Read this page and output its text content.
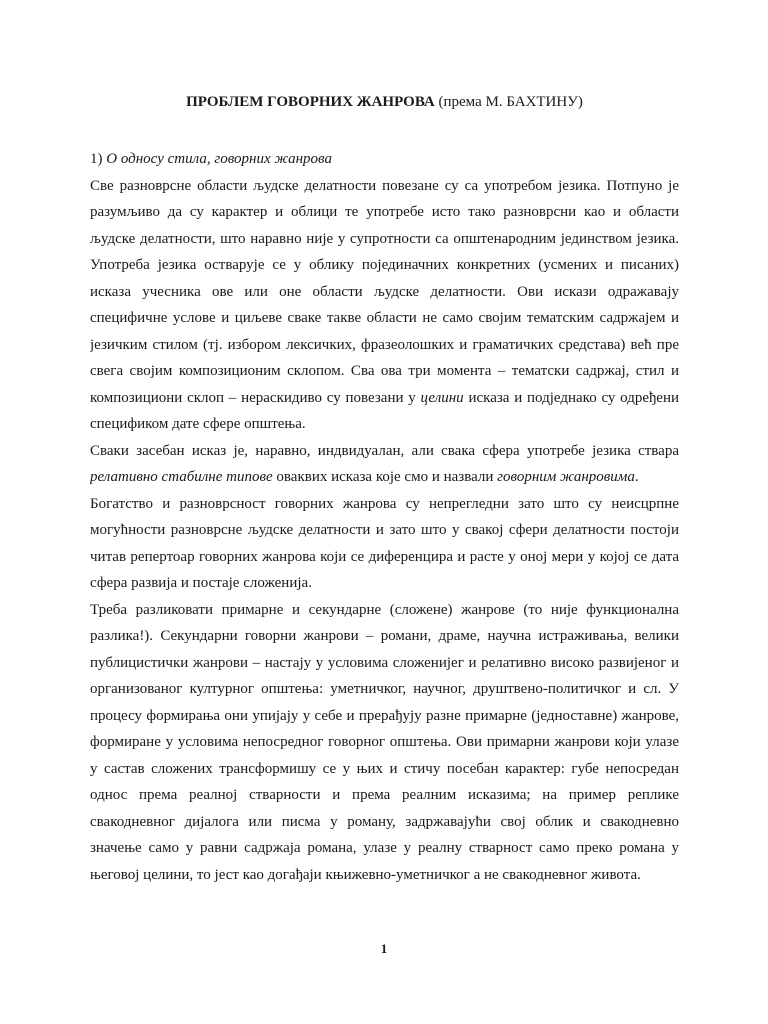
ПРОБЛЕМ ГОВОРНИХ ЖАНРОВА (према М. БАХТИНУ)
1) О односу стила, говорних жанрова

Све разноврсне области људске делатности повезане су са употребом језика. Потпуно је
разумљиво да су карактер и облици те употребе исто тако разноврсни као и области
људске делатности, што наравно није у супротности са општенародним јединством језика.
Употреба језика остварује се у облику појединачних конкретних (усмених и писаних)
исказа учесника ове или оне области људске делатности. Ови искази одражавају
специфичне услове и циљеве сваке такве области не само својим тематским садржајем и
језичким стилом (тј. избором лексичких, фразеолошких и граматичких средстава) већ пре
свега својим композиционим склопом. Сва ова три момента – тематски садржај, стил и
композициони склоп – нераскидиво су повезани у целини исказа и подједнако су одређени
спецификом дате сфере општења.

Сваки засебан исказ је, наравно, индвидуалан, али свака сфера употребе језика ствара
релативно стабилне типове оваквих исказа које смо и назвали говорним жанровима.

Богатство и разноврсност говорних жанрова су непрегледни зато што су неисцрпне
могућности разноврсне људске делатности и зато што у свакој сфери делатности постоји
читав репертоар говорних жанрова који се диференцира и расте у оној мери у којој се дата
сфера развија и постаје сложенија.

Треба разликовати примарне и секундарне (сложене) жанрове (то није функционална
разлика!). Секундарни говорни жанрови – романи, драме, научна истраживања, велики
публицистички жанрови – настају у условима сложенијег и релативно високо развијеног и
организованог културног општења: уметничког, научног, друштвено-политичког и сл. У
процесу формирања они упијају у себе и прерађују разне примарне (једноставне) жанрове,
формиране у условима непосредног говорног општења. Ови примарни жанрови који улазе
у састав сложених трансформишу се у њих и стичу посебан карактер: губе непосредан
однос према реалној стварности и према реалним исказима; на пример реплике
свакодневног дијалога или писма у роману, задржавајући свој облик и свакодневно
значење само у равни садржаја романа, улазе у реалну стварност само преко романа у
његовој целини, то јест као догађаји књижевно-уметничког а не свакодневног живота.

1
